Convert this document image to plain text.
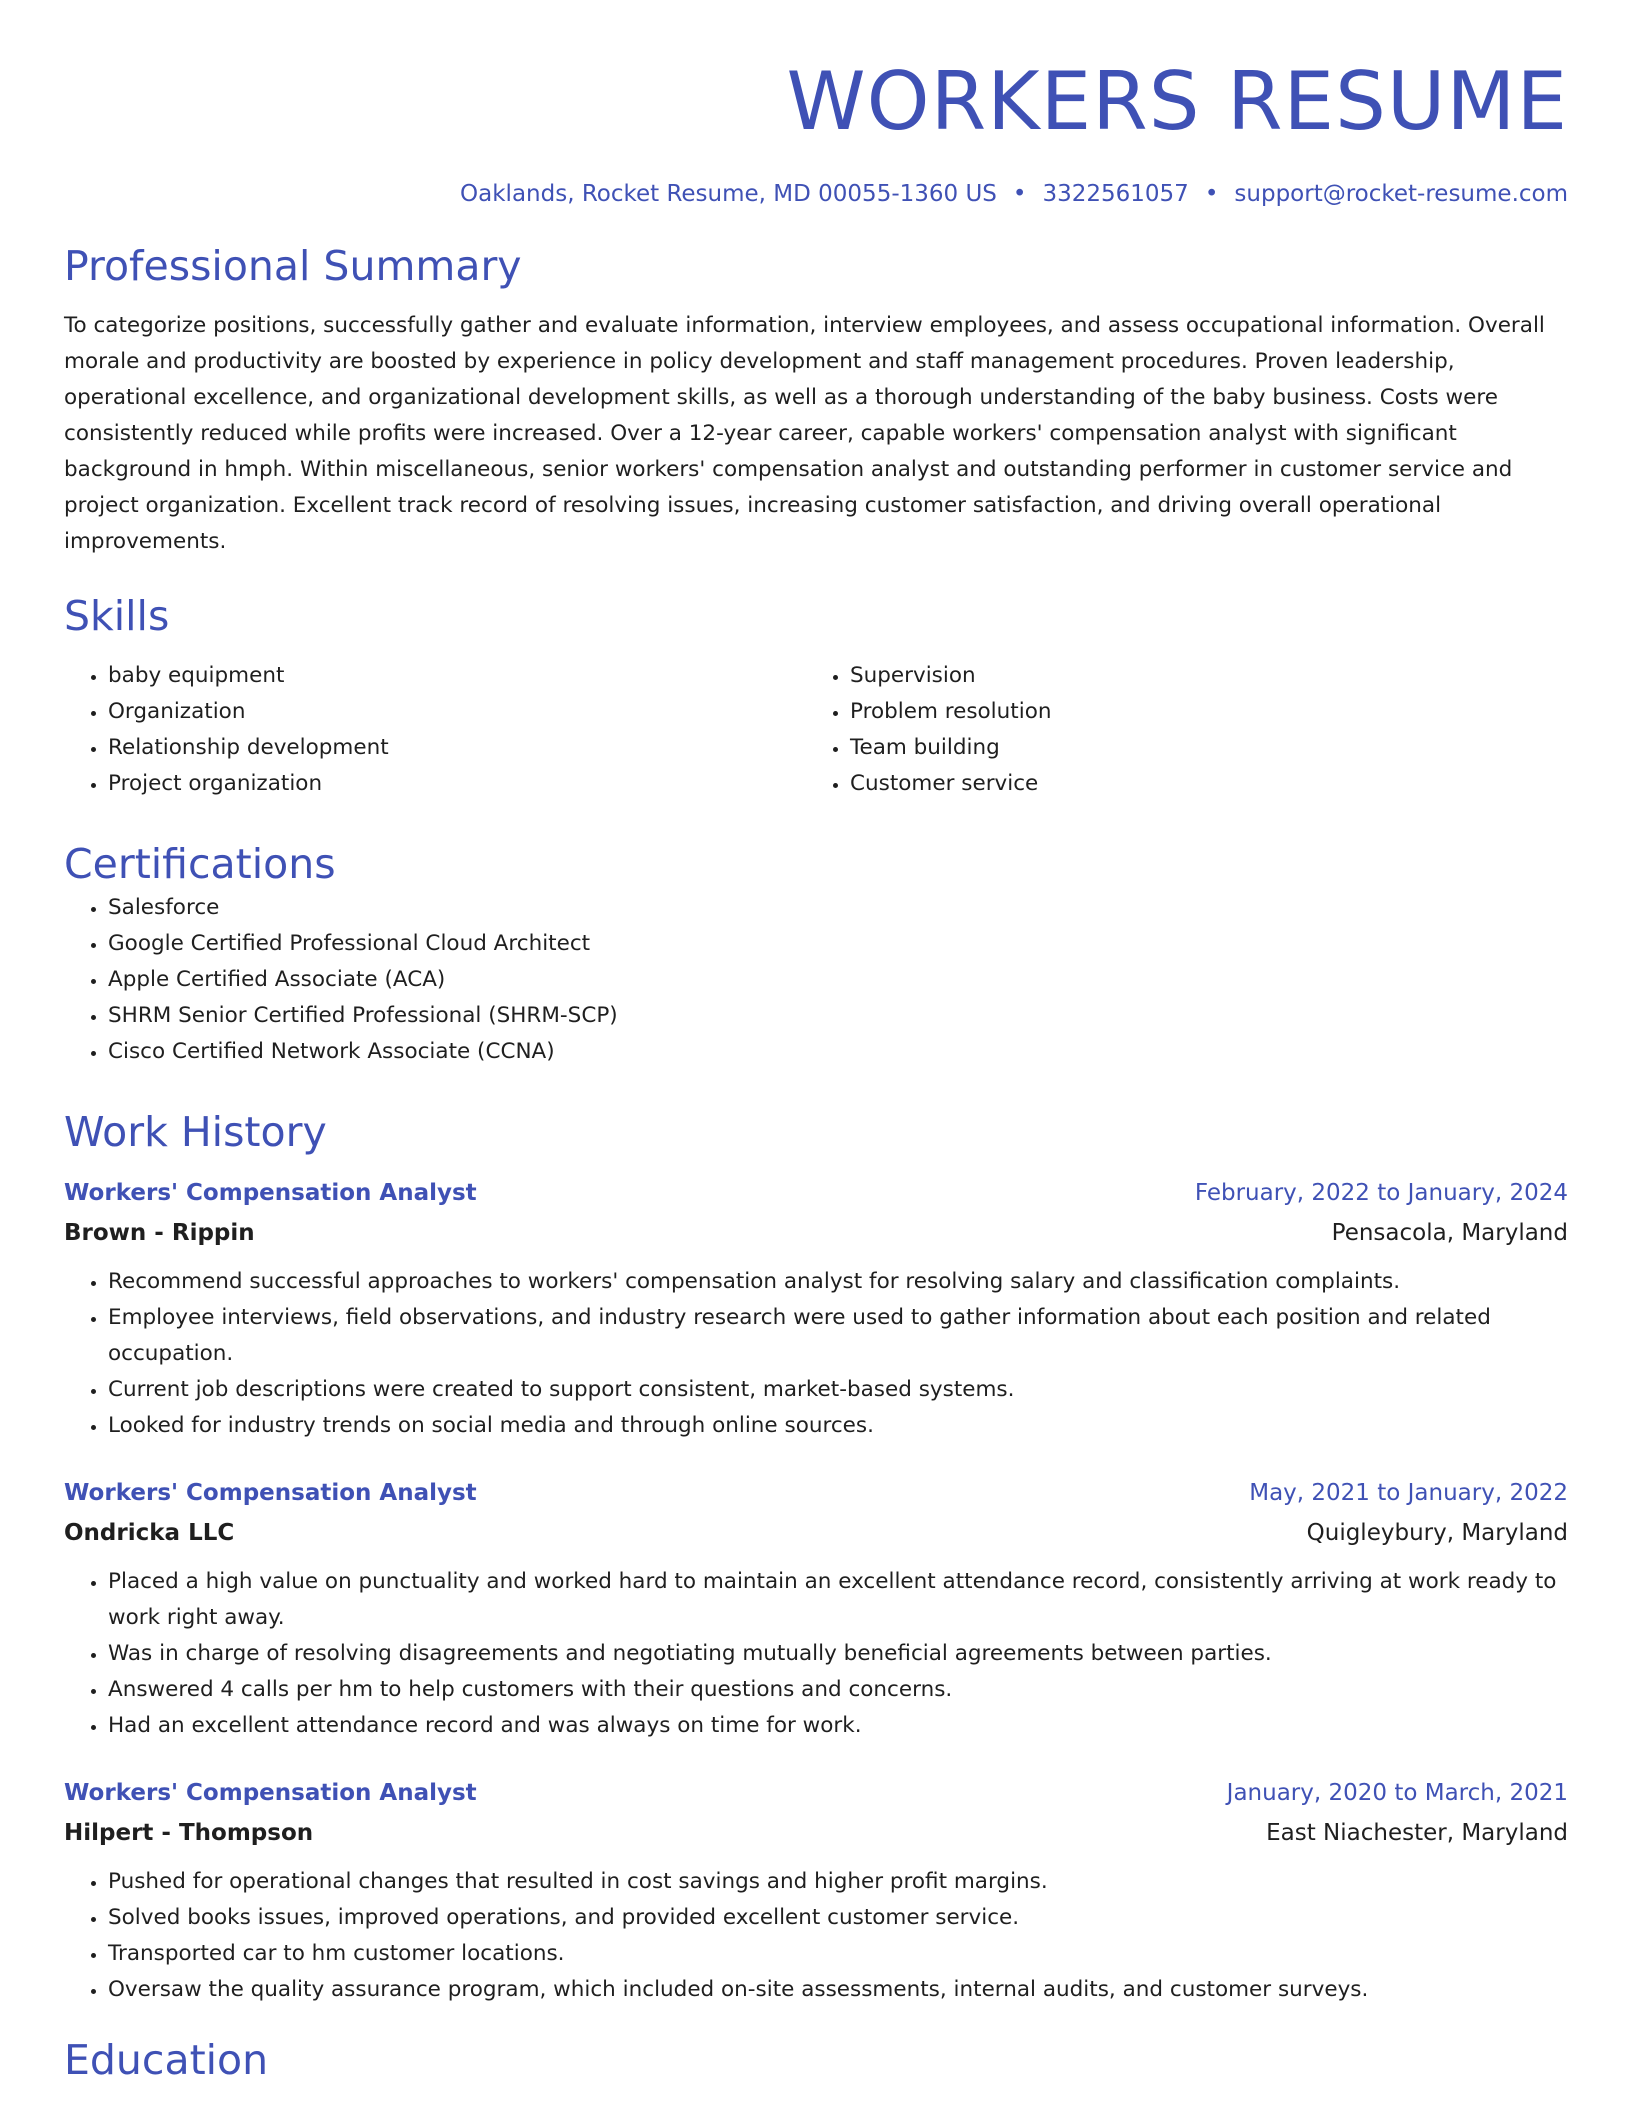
WORKERS RESUME
Oaklands, Rocket Resume, MD 00055-1360 US • 3322561057 • support@rocket-resume.com
Professional Summary
To categorize positions, successfully gather and evaluate information, interview employees, and assess occupational information. Overall morale and productivity are boosted by experience in policy development and staff management procedures. Proven leadership, operational excellence, and organizational development skills, as well as a thorough understanding of the baby business. Costs were consistently reduced while profits were increased. Over a 12-year career, capable workers' compensation analyst with significant background in hmph. Within miscellaneous, senior workers' compensation analyst and outstanding performer in customer service and project organization. Excellent track record of resolving issues, increasing customer satisfaction, and driving overall operational improvements.
Skills
• baby equipment
• Organization
• Relationship development
• Project organization
• Supervision
• Problem resolution
• Team building
• Customer service
Certifications
• Salesforce
• Google Certified Professional Cloud Architect
• Apple Certified Associate (ACA)
• SHRM Senior Certified Professional (SHRM-SCP)
• Cisco Certified Network Associate (CCNA)
Work History
Workers' Compensation Analyst	February, 2022 to January, 2024
Brown - Rippin	Pensacola, Maryland
• Recommend successful approaches to workers' compensation analyst for resolving salary and classification complaints.
• Employee interviews, field observations, and industry research were used to gather information about each position and related occupation.
• Current job descriptions were created to support consistent, market-based systems.
• Looked for industry trends on social media and through online sources.
Workers' Compensation Analyst	May, 2021 to January, 2022
Ondricka LLC	Quigleybury, Maryland
• Placed a high value on punctuality and worked hard to maintain an excellent attendance record, consistently arriving at work ready to work right away.
• Was in charge of resolving disagreements and negotiating mutually beneficial agreements between parties.
• Answered 4 calls per hm to help customers with their questions and concerns.
• Had an excellent attendance record and was always on time for work.
Workers' Compensation Analyst	January, 2020 to March, 2021
Hilpert - Thompson	East Niachester, Maryland
• Pushed for operational changes that resulted in cost savings and higher profit margins.
• Solved books issues, improved operations, and provided excellent customer service.
• Transported car to hm customer locations.
• Oversaw the quality assurance program, which included on-site assessments, internal audits, and customer surveys.
Education
